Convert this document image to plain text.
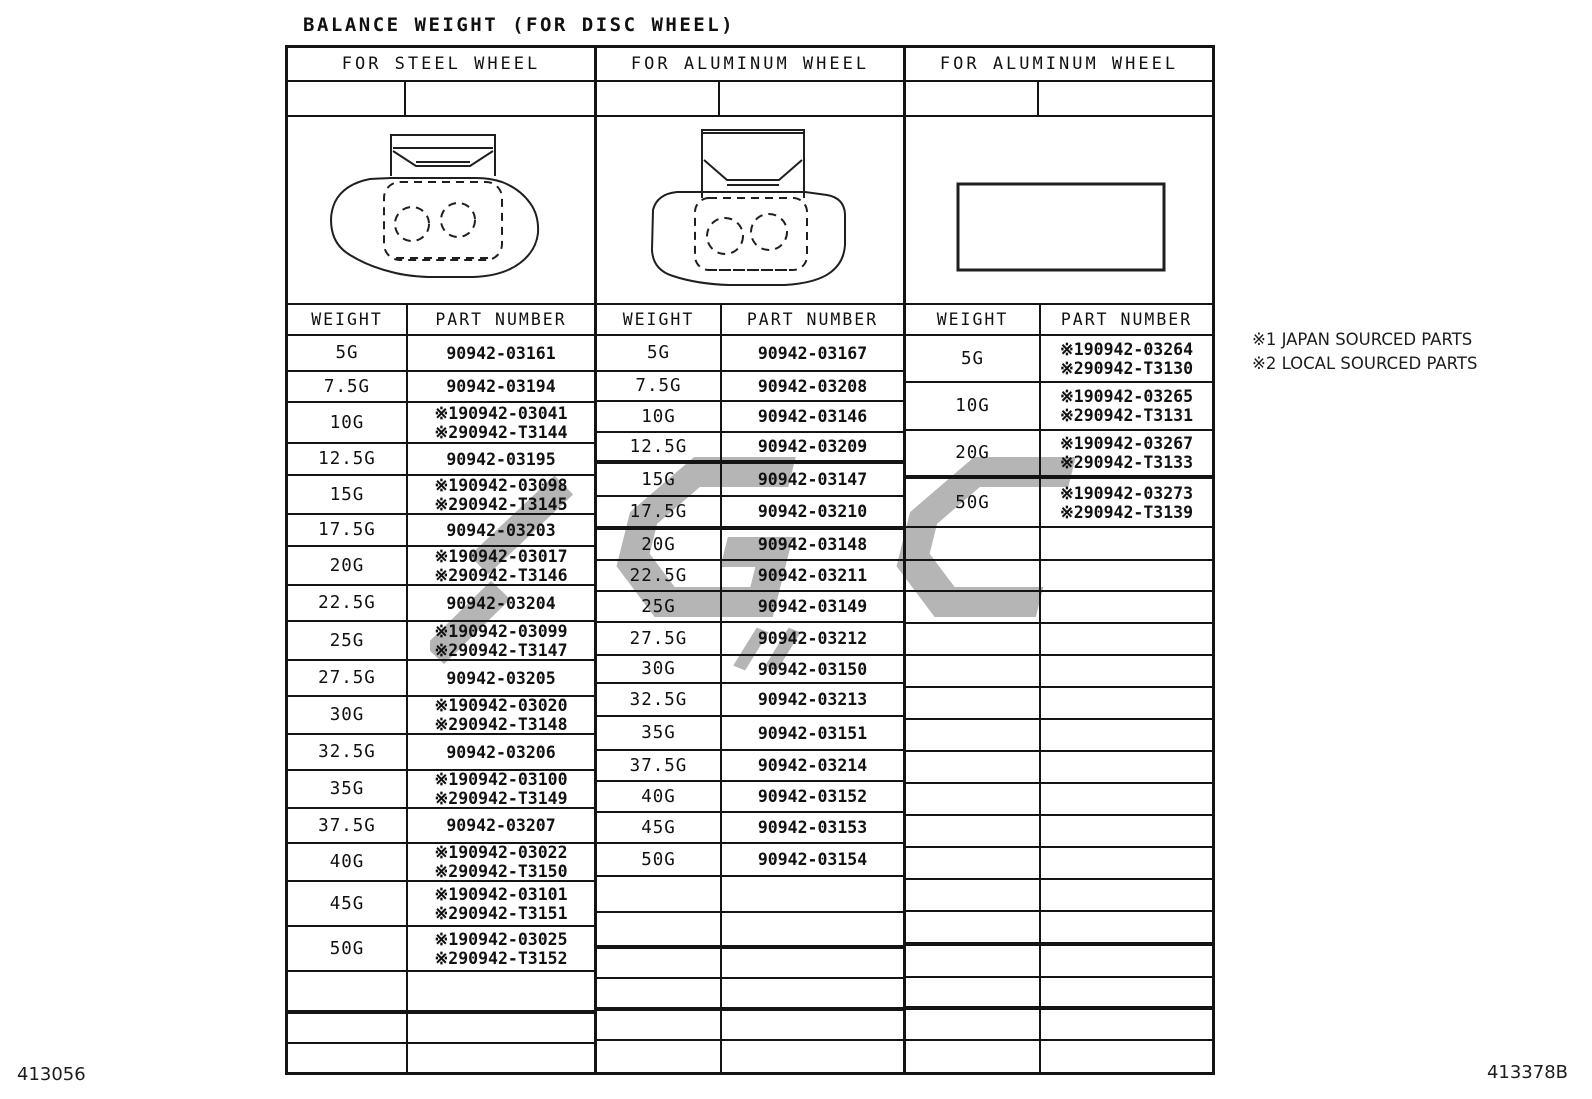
BALANCE WEIGHT (FOR DISC WHEEL)
FOR STEEL WHEEL
WEIGHT	PART NUMBER
5G	90942-03161
7.5G	90942-03194
10G	※190942-03041
※290942-T3144
12.5G	90942-03195
15G	※190942-03098
※290942-T3145
17.5G	90942-03203
20G	※190942-03017
※290942-T3146
22.5G	90942-03204
25G	※190942-03099
※290942-T3147
27.5G	90942-03205
30G	※190942-03020
※290942-T3148
32.5G	90942-03206
35G	※190942-03100
※290942-T3149
37.5G	90942-03207
40G	※190942-03022
※290942-T3150
45G	※190942-03101
※290942-T3151
50G	※190942-03025
※290942-T3152
FOR ALUMINUM WHEEL
WEIGHT	PART NUMBER
5G	90942-03167
7.5G	90942-03208
10G	90942-03146
12.5G	90942-03209
15G	90942-03147
17.5G	90942-03210
20G	90942-03148
22.5G	90942-03211
25G	90942-03149
27.5G	90942-03212
30G	90942-03150
32.5G	90942-03213
35G	90942-03151
37.5G	90942-03214
40G	90942-03152
45G	90942-03153
50G	90942-03154
FOR ALUMINUM WHEEL
WEIGHT	PART NUMBER
5G	※190942-03264
※290942-T3130
10G	※190942-03265
※290942-T3131
20G	※190942-03267
※290942-T3133
50G	※190942-03273
※290942-T3139
※1 JAPAN SOURCED PARTS
※2 LOCAL SOURCED PARTS
413056	413378B
